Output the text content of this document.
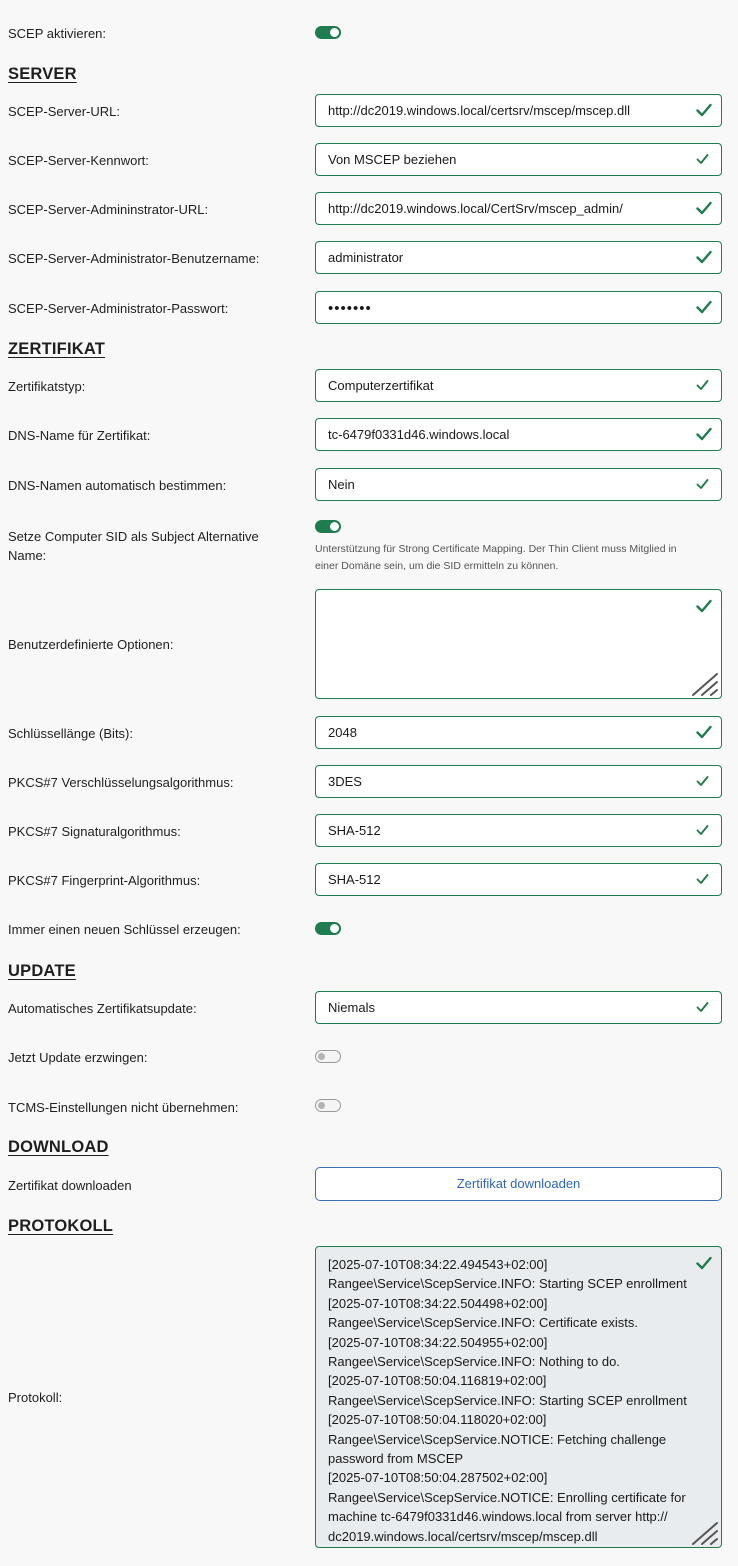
SCEP aktivieren:
SERVER
SCEP-Server-URL:	http://dc2019.windows.local/certsrv/mscep/mscep.dll
SCEP-Server-Kennwort:	Von MSCEP beziehen
SCEP-Server-Admininstrator-URL:	http://dc2019.windows.local/CertSrv/mscep_admin/
SCEP-Server-Administrator-Benutzername:	administrator
SCEP-Server-Administrator-Passwort:	•••••••
ZERTIFIKAT
Zertifikatstyp:	Computerzertifikat
DNS-Name für Zertifikat:	tc-6479f0331d46.windows.local
DNS-Namen automatisch bestimmen:	Nein
Setze Computer SID als Subject Alternative
Name:	Unterstützung für Strong Certificate Mapping. Der Thin Client muss Mitglied in
einer Domäne sein, um die SID ermitteln zu können.
Benutzerdefinierte Optionen:
Schlüssellänge (Bits):	2048
PKCS#7 Verschlüsselungsalgorithmus:	3DES
PKCS#7 Signaturalgorithmus:	SHA-512
PKCS#7 Fingerprint-Algorithmus:	SHA-512
Immer einen neuen Schlüssel erzeugen:
UPDATE
Automatisches Zertifikatsupdate:	Niemals
Jetzt Update erzwingen:
TCMS-Einstellungen nicht übernehmen:
DOWNLOAD
Zertifikat downloaden	Zertifikat downloaden
PROTOKOLL
Protokoll:
[2025-07-10T08:34:22.494543+02:00]
Rangee\Service\ScepService.INFO: Starting SCEP enrollment
[2025-07-10T08:34:22.504498+02:00]
Rangee\Service\ScepService.INFO: Certificate exists.
[2025-07-10T08:34:22.504955+02:00]
Rangee\Service\ScepService.INFO: Nothing to do.
[2025-07-10T08:50:04.116819+02:00]
Rangee\Service\ScepService.INFO: Starting SCEP enrollment
[2025-07-10T08:50:04.118020+02:00]
Rangee\Service\ScepService.NOTICE: Fetching challenge
password from MSCEP
[2025-07-10T08:50:04.287502+02:00]
Rangee\Service\ScepService.NOTICE: Enrolling certificate for
machine tc-6479f0331d46.windows.local from server http://
dc2019.windows.local/certsrv/mscep/mscep.dll
